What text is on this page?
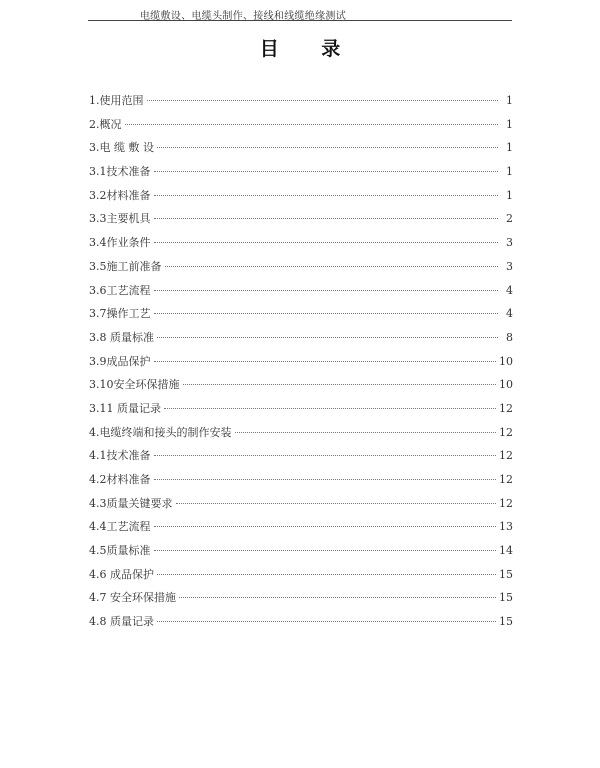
电缆敷设、电缆头制作、接线和线缆绝缘测试
目 录
1.使用范围	1
2.概况	1
3.电 缆 敷 设	1
3.1技术准备	1
3.2材料准备	1
3.3主要机具	2
3.4作业条件	3
3.5施工前准备	3
3.6工艺流程	4
3.7操作工艺	4
3.8 质量标准	8
3.9成品保护	10
3.10安全环保措施	10
3.11 质量记录	12
4.电缆终端和接头的制作安装	12
4.1技术准备	12
4.2材料准备	12
4.3质量关键要求	12
4.4工艺流程	13
4.5质量标准	14
4.6 成品保护	15
4.7 安全环保措施	15
4.8 质量记录	15
